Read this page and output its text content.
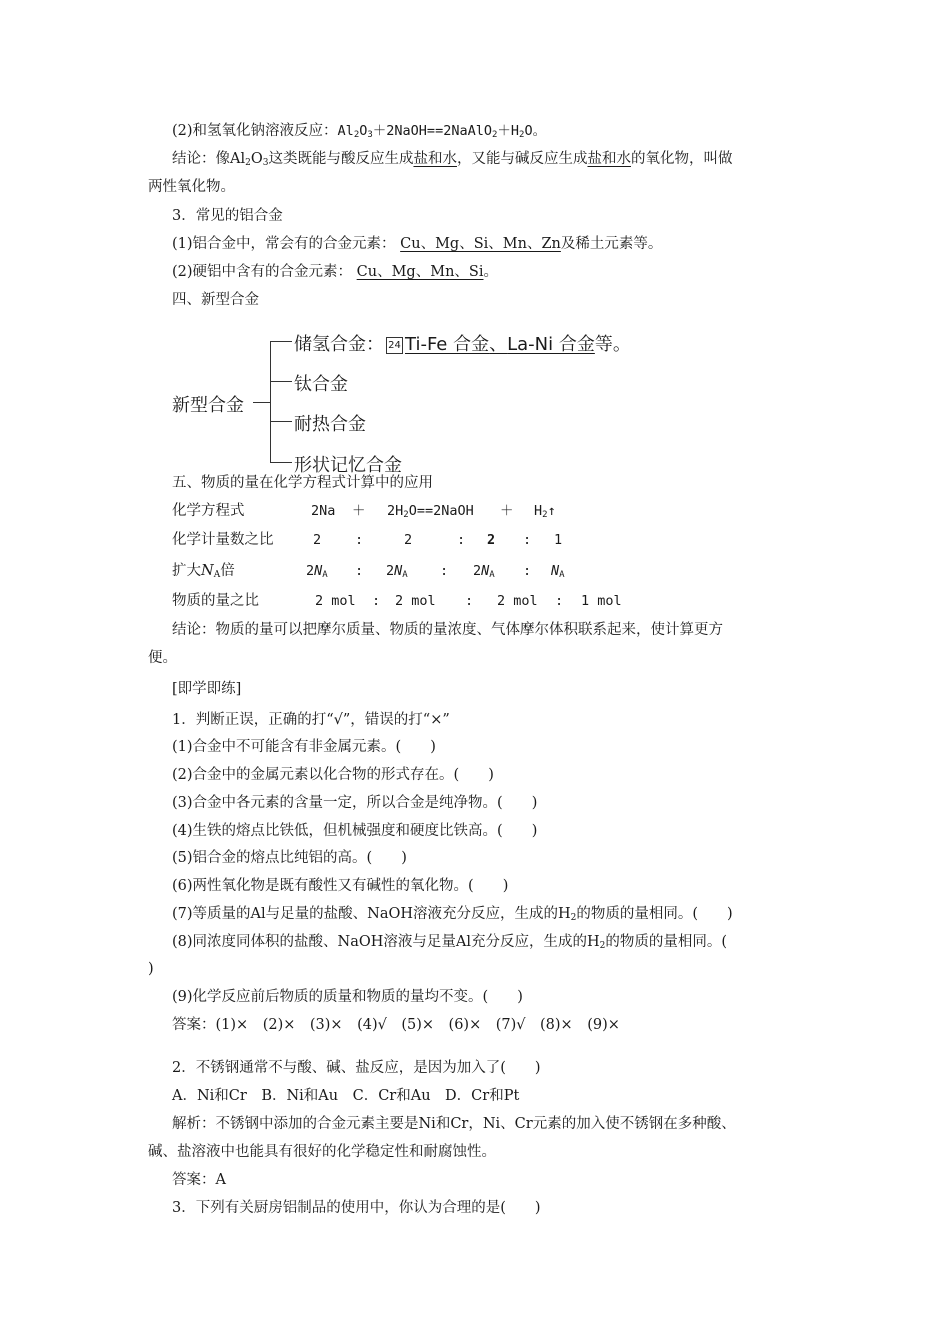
(2)和氢氧化钠溶液反应：$Al_2O_3+2NaOH==2NaAlO_2+H_2O$。
结论：像$Al_2O_3$这类既能与酸反应生成盐和水，又能与碱反应生成盐和水的氧化物，叫做
两性氧化物。
3．常见的铝合金
(1)铝合金中，常会有的合金元素： Cu、Mg、Si、Mn、Zn及稀土元素等。
(2)硬铝中含有的合金元素： Cu、Mg、Mn、Si。
四、新型合金
新型合金
储氢合金： 24 Ti-Fe 合金、La-Ni 合金等。
钛合金
耐热合金
形状记忆合金
五、物质的量在化学方程式计算中的应用
化学方程式	$2Na + 2H_2O==2NaOH$ ＋ $H_2↑$
化学计量数之比	2	:	2	: 2 : 1
扩大$N_A$倍	$2N_A$ : $2N_A$ : $2N_A$ : $N_A$
物质的量之比	2 mol : 2 mol : 2 mol : 1 mol
结论：物质的量可以把摩尔质量、物质的量浓度、气体摩尔体积联系起来，使计算更方
便。
[即学即练]
1．判断正误，正确的打“√”，错误的打“×”
(1)合金中不可能含有非金属元素。(　　)
(2)合金中的金属元素以化合物的形式存在。(　　)
(3)合金中各元素的含量一定，所以合金是纯净物。(　　)
(4)生铁的熔点比铁低，但机械强度和硬度比铁高。(　　)
(5)铝合金的熔点比纯铝的高。(　　)
(6)两性氧化物是既有酸性又有碱性的氧化物。(　　)
(7)等质量的Al与足量的盐酸、NaOH溶液充分反应，生成的$H_2$的物质的量相同。(　　)
(8)同浓度同体积的盐酸、NaOH溶液与足量Al充分反应，生成的$H_2$的物质的量相同。(
)
(9)化学反应前后物质的质量和物质的量均不变。(　　)
答案：(1)×　(2)×　(3)×　(4)√　(5)×　(6)×　(7)√　(8)×　(9)×
2．不锈钢通常不与酸、碱、盐反应，是因为加入了(　　)
A．Ni和Cr　B．Ni和Au　C．Cr和Au　D．Cr和Pt
解析：不锈钢中添加的合金元素主要是Ni和Cr，Ni、Cr元素的加入使不锈钢在多种酸、
碱、盐溶液中也能具有很好的化学稳定性和耐腐蚀性。
答案：A
3．下列有关厨房铝制品的使用中，你认为合理的是(　　)
